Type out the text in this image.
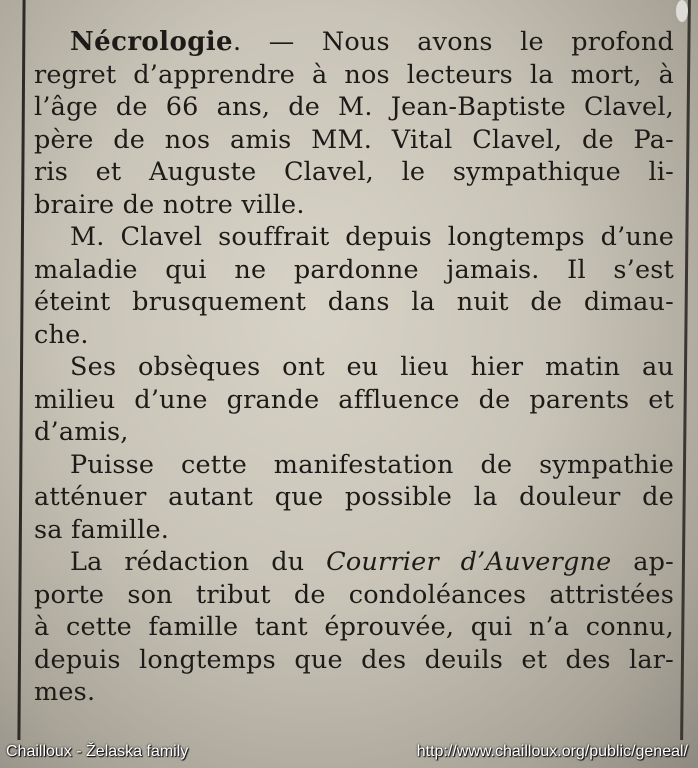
Nécrologie. — Nous avons le profond
regret d’apprendre à nos lecteurs la mort, à
l’âge de 66 ans, de M. Jean-Baptiste Clavel,
père de nos amis MM. Vital Clavel, de Pa-
ris et Auguste Clavel, le sympathique li-
braire de notre ville.
M. Clavel souffrait depuis longtemps d’une
maladie qui ne pardonne jamais. Il s’est
éteint brusquement dans la nuit de dimau-
che.
Ses obsèques ont eu lieu hier matin au
milieu d’une grande affluence de parents et
d’amis,
Puisse cette manifestation de sympathie
atténuer autant que possible la douleur de
sa famille.
La rédaction du Courrier d’Auvergne ap-
porte son tribut de condoléances attristées
à cette famille tant éprouvée, qui n’a connu,
depuis longtemps que des deuils et des lar-
mes.
Chailloux - Želaska family	http://www.chailloux.org/public/geneal/
